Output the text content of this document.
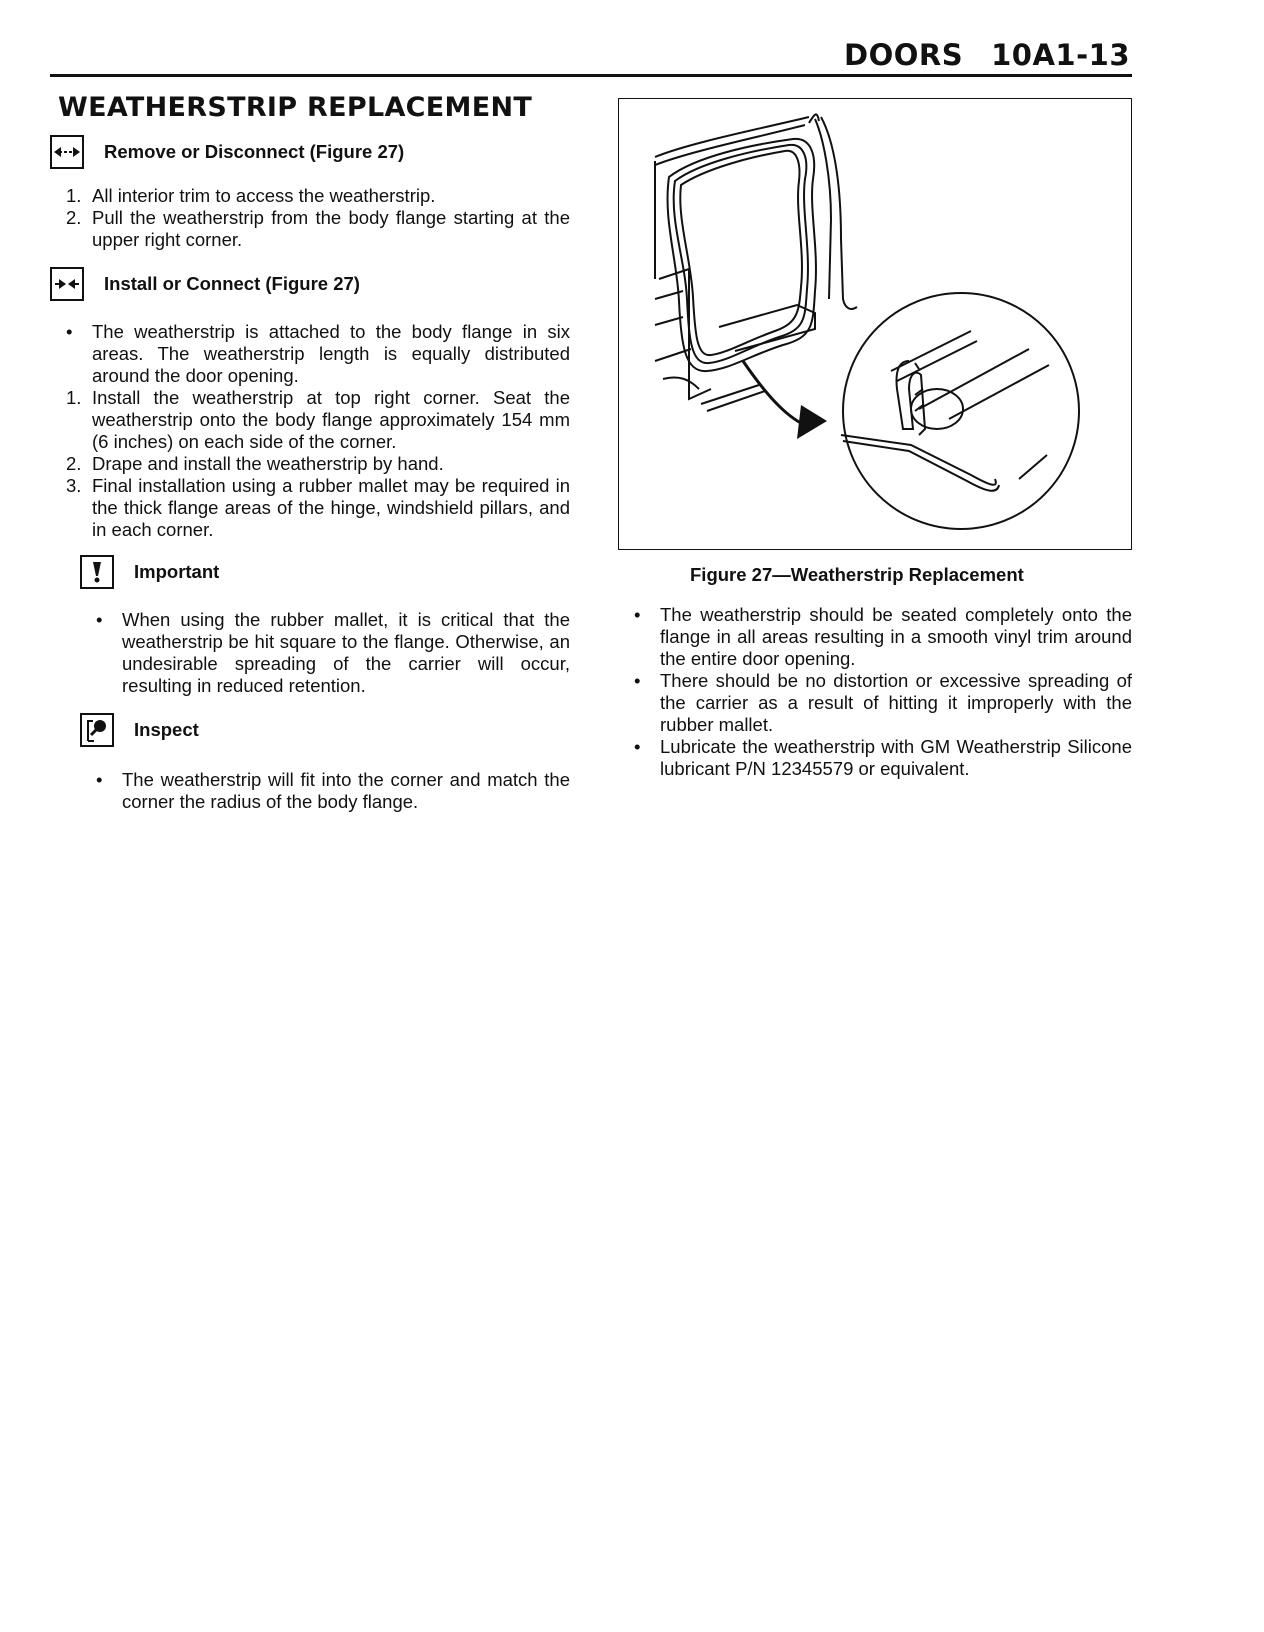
DOORS 10A1-13
WEATHERSTRIP REPLACEMENT
Remove or Disconnect (Figure 27)
1. All interior trim to access the weatherstrip.
2. Pull the weatherstrip from the body flange starting at the upper right corner.
Install or Connect (Figure 27)
• The weatherstrip is attached to the body flange in six areas. The weatherstrip length is equally distributed around the door opening.
1. Install the weatherstrip at top right corner. Seat the weatherstrip onto the body flange approximately 154 mm (6 inches) on each side of the corner.
2. Drape and install the weatherstrip by hand.
3. Final installation using a rubber mallet may be required in the thick flange areas of the hinge, windshield pillars, and in each corner.
Important
• When using the rubber mallet, it is critical that the weatherstrip be hit square to the flange. Otherwise, an undesirable spreading of the carrier will occur, resulting in reduced retention.
Inspect
• The weatherstrip will fit into the corner and match the corner the radius of the body flange.
Figure 27—Weatherstrip Replacement
• The weatherstrip should be seated completely onto the flange in all areas resulting in a smooth vinyl trim around the entire door opening.
• There should be no distortion or excessive spreading of the carrier as a result of hitting it improperly with the rubber mallet.
• Lubricate the weatherstrip with GM Weatherstrip Silicone lubricant P/N 12345579 or equivalent.
